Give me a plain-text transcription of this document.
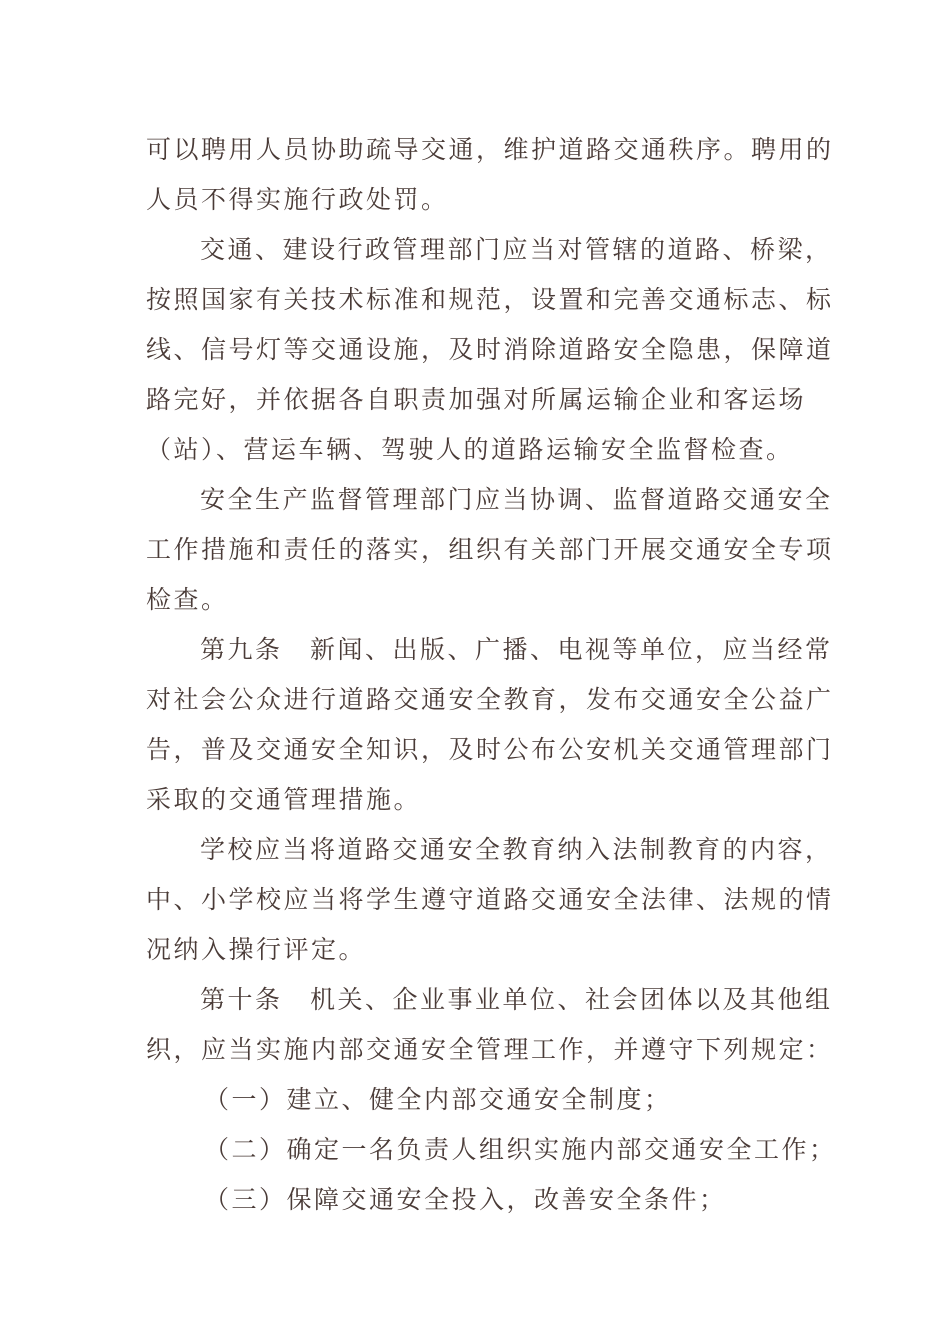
可以聘用人员协助疏导交通，维护道路交通秩序。聘用的
人员不得实施行政处罚。
交通、建设行政管理部门应当对管辖的道路、桥梁，
按照国家有关技术标准和规范，设置和完善交通标志、标
线、信号灯等交通设施，及时消除道路安全隐患，保障道
路完好，并依据各自职责加强对所属运输企业和客运场
（站）、营运车辆、驾驶人的道路运输安全监督检查。
安全生产监督管理部门应当协调、监督道路交通安全
工作措施和责任的落实，组织有关部门开展交通安全专项
检查。
第九条　新闻、出版、广播、电视等单位，应当经常
对社会公众进行道路交通安全教育，发布交通安全公益广
告，普及交通安全知识，及时公布公安机关交通管理部门
采取的交通管理措施。
学校应当将道路交通安全教育纳入法制教育的内容，
中、小学校应当将学生遵守道路交通安全法律、法规的情
况纳入操行评定。
第十条　机关、企业事业单位、社会团体以及其他组
织，应当实施内部交通安全管理工作，并遵守下列规定：
（一）建立、健全内部交通安全制度；
（二）确定一名负责人组织实施内部交通安全工作；
（三）保障交通安全投入，改善安全条件；
